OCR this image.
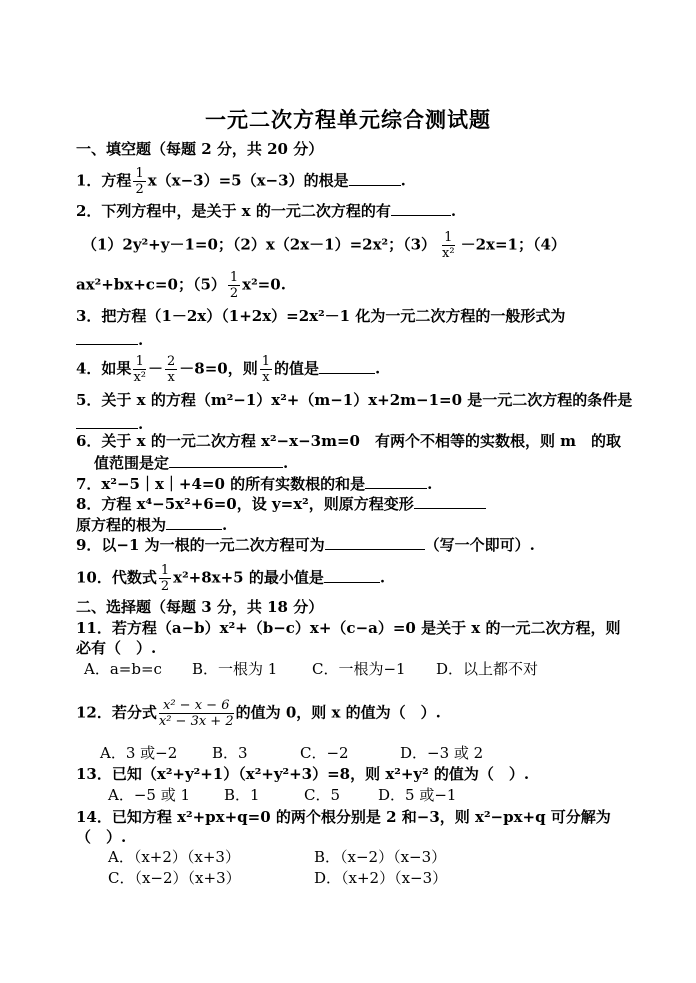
一元二次方程单元综合测试题
一、填空题（每题 2 分，共 20 分）
1．方程 $\frac{1}{2} x(x-3)=5(x-3)$的根是	.
2．下列方程中，是关于 x 的一元二次方程的有	.
（1）2y²+y－1=0；（2）x（2x－1）=2x²；$(3) \frac{1}{\text{x²}} -2x=1$；（4）
ax²+bx+c=0；$(5) \frac{1}{2} x^2=0$.
3．把方程（1－2x）（1+2x）=2x²－1 化为一元二次方程的一般形式为
.
4．如果 $\frac{1}{\text{x²}} - \frac{2}{x} -8=0$，则 $\frac{1}{x}$ 的值是	.
5．关于 x 的方程（m²−1）x²+（m−1）x+2m−1=0 是一元二次方程的条件是
.
6．关于 x 的一元二次方程 x²−x−3m=0　有两个不相等的实数根，则 m　的取
值范围是定	.
7．x²−5｜x｜+4=0 的所有实数根的和是	.
8．方程 x⁴−5x²+6=0，设 y=x²，则原方程变形
原方程的根为	.
9．以−1 为一根的一元二次方程可为	（写一个即可）.
10．代数式 $\frac{1}{2} x^2+8x+5$ 的最小值是	.
二、选择题（每题 3 分，共 18 分）
11．若方程（a−b）x²+（b−c）x+（c−a）=0 是关于 x 的一元二次方程，则
必有（　）.
A．a=b=c B．一根为 1 C．一根为−1 D．以上都不对
12．若分式 $\frac{\text{x² − x − 6}}{\text{x² − 3x + 2}}$ 的值为 0，则 x 的值为（　）.
A．3 或−2 B．3	C．−2	D．−3 或 2
13．已知（x²+y²+1）（x²+y²+3）=8，则 x²+y² 的值为（　）.
A．−5 或 1 B．1	C．5	D．5 或−1
14．已知方程 x²+px+q=0 的两个根分别是 2 和−3，则 x²−px+q 可分解为
（　）.
A．（x+2）（x+3）	B．（x−2）（x−3）
C．（x−2）（x+3）	D．（x+2）（x−3）
